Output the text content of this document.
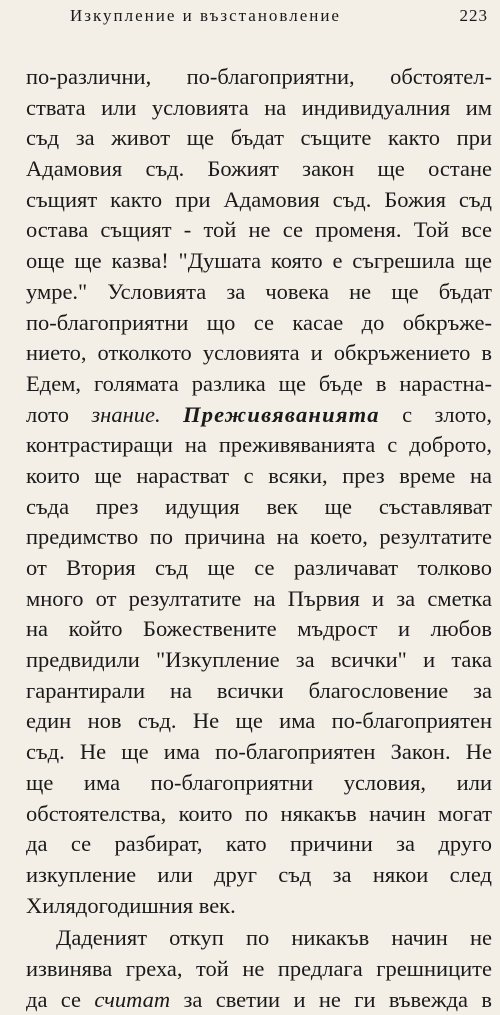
Изкупление и възстановление	223
по-различни, по-благоприятни, обстоятел-
ствата или условията на индивидуалния им
съд за живот ще бъдат същите както при
Адамовия съд. Божият закон ще остане
същият както при Адамовия съд. Божия съд
остава същият - той не се променя. Той все
още ще казва! "Душата която е съгрешила ще
умре." Условията за човека не ще бъдат
по-благоприятни що се касае до обкръже-
нието, отколкото условията и обкръжението в
Едем, голямата разлика ще бъде в нарастна-
лото знание. Преживяванията с злото,
контрастиращи на преживяванията с доброто,
които ще нарастват с всяки, през време на
съда през идущия век ще съставляват
предимство по причина на което, резултатите
от Втория съд ще се различават толково
много от резултатите на Първия и за сметка
на който Божествените мъдрост и любов
предвидили "Изкупление за всички" и така
гарантирали на всички благословение за
един нов съд. Не ще има по-благоприятен
съд. Не ще има по-благоприятен Закон. Не
ще има по-благоприятни условия, или
обстоятелства, които по някакъв начин могат
да се разбират, като причини за друго
изкупление или друг съд за някои след
Хилядогодишния век.
Даденият откуп по никакъв начин не
извинява греха, той не предлага грешниците
да се считат за светии и не ги въвежда в
